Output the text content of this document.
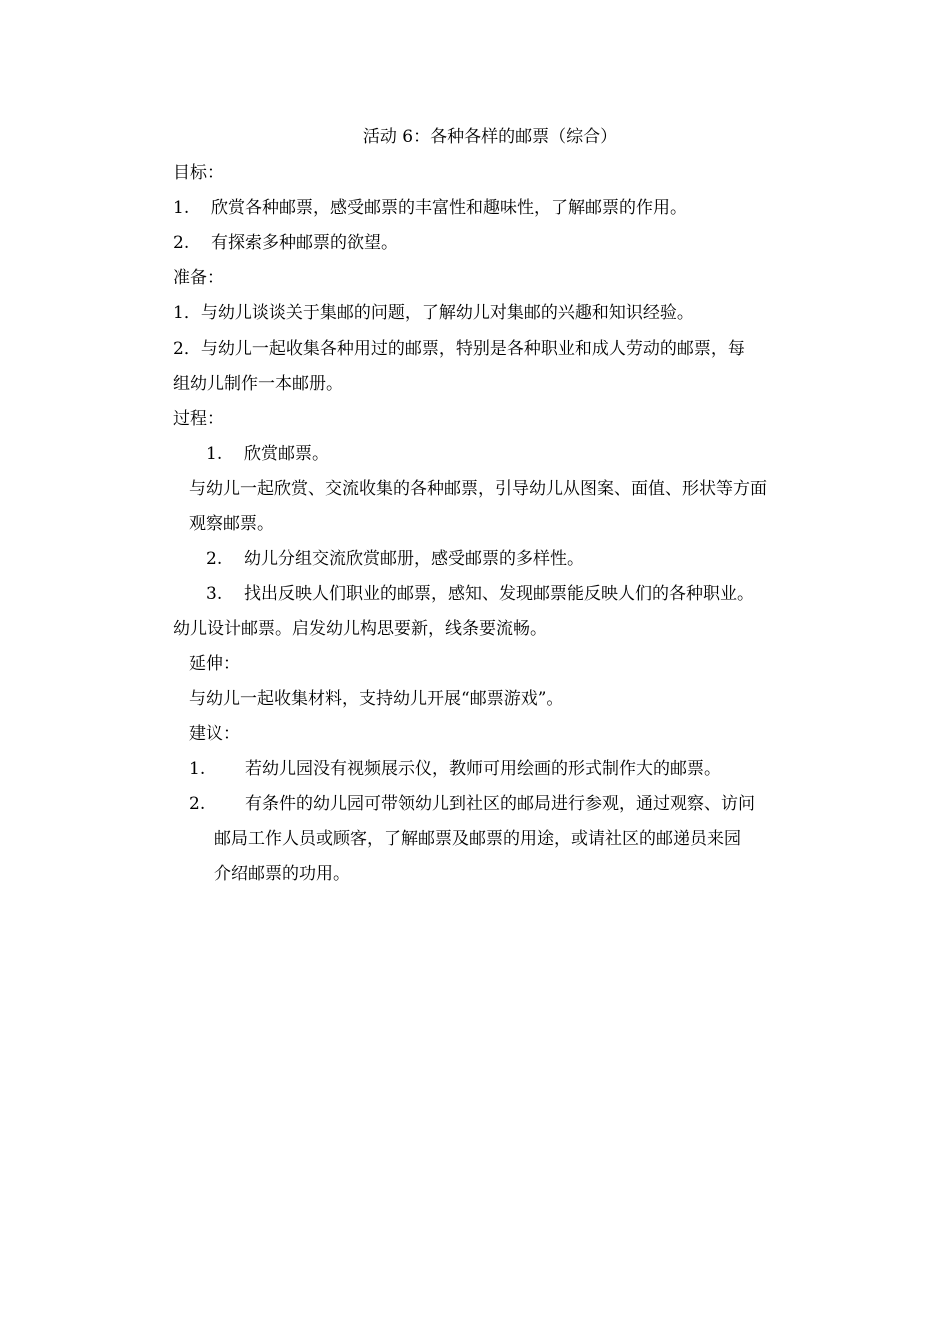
活动 6：各种各样的邮票（综合）
目标：
1. 欣赏各种邮票，感受邮票的丰富性和趣味性，了解邮票的作用。
2. 有探索多种邮票的欲望。
准备：
1．与幼儿谈谈关于集邮的问题，了解幼儿对集邮的兴趣和知识经验。
2．与幼儿一起收集各种用过的邮票，特别是各种职业和成人劳动的邮票，每
组幼儿制作一本邮册。
过程：
1. 欣赏邮票。
与幼儿一起欣赏、交流收集的各种邮票，引导幼儿从图案、面值、形状等方面
观察邮票。
2. 幼儿分组交流欣赏邮册，感受邮票的多样性。
3. 找出反映人们职业的邮票，感知、发现邮票能反映人们的各种职业。
幼儿设计邮票。启发幼儿构思要新，线条要流畅。
延伸：
与幼儿一起收集材料，支持幼儿开展“邮票游戏”。
建议：
1. 若幼儿园没有视频展示仪，教师可用绘画的形式制作大的邮票。
2. 有条件的幼儿园可带领幼儿到社区的邮局进行参观，通过观察、访问
邮局工作人员或顾客，了解邮票及邮票的用途，或请社区的邮递员来园
介绍邮票的功用。
